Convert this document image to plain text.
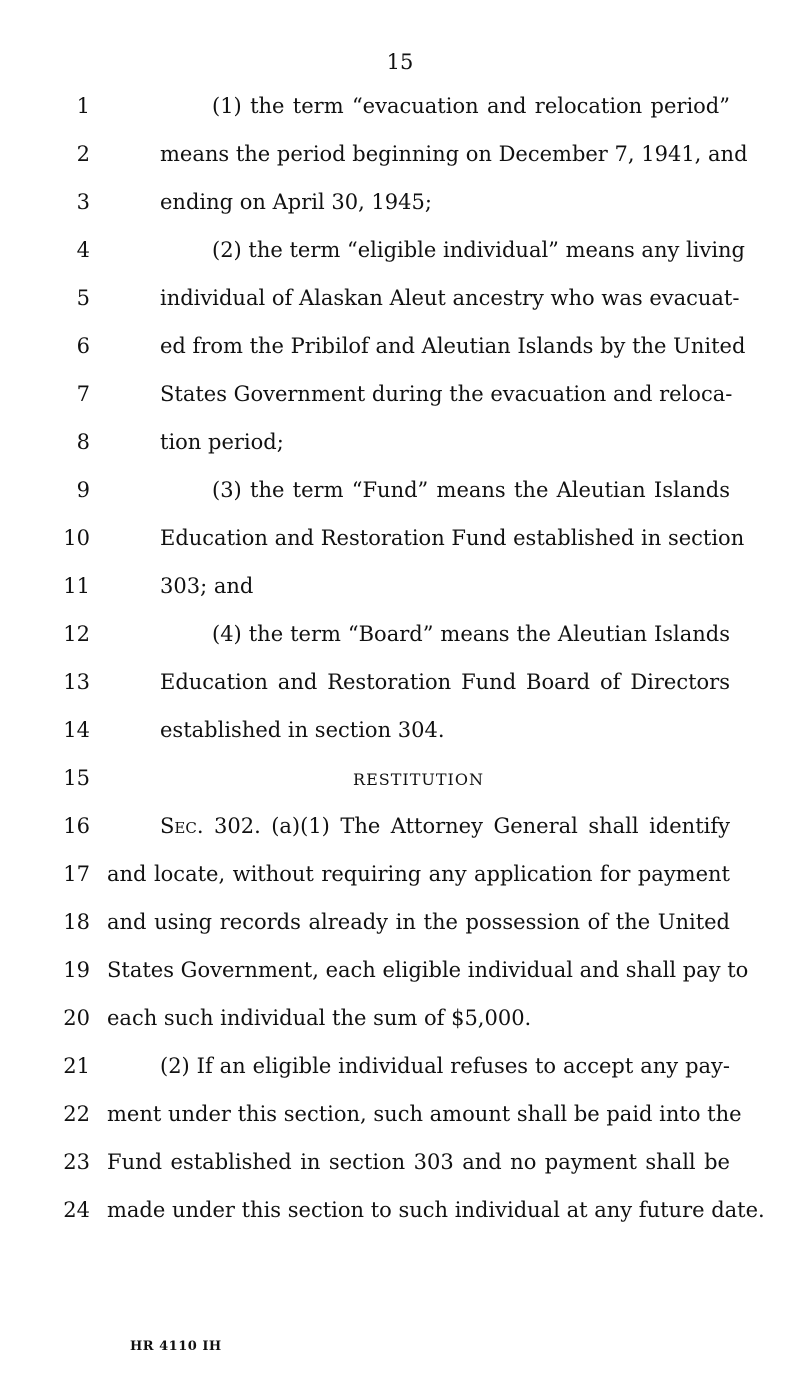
15
1	(1) the term “evacuation and relocation period”
2	means the period beginning on December 7, 1941, and
3	ending on April 30, 1945;
4	(2) the term “eligible individual” means any living
5	individual of Alaskan Aleut ancestry who was evacuat-
6	ed from the Pribilof and Aleutian Islands by the United
7	States Government during the evacuation and reloca-
8	tion period;
9	(3) the term “Fund” means the Aleutian Islands
10	Education and Restoration Fund established in section
11	303; and
12	(4) the term “Board” means the Aleutian Islands
13	Education and Restoration Fund Board of Directors
14	established in section 304.
15	RESTITUTION
16	Sec. 302. (a)(1) The Attorney General shall identify
17 and locate, without requiring any application for payment
18 and using records already in the possession of the United
19 States Government, each eligible individual and shall pay to
20 each such individual the sum of $5,000.
21	(2) If an eligible individual refuses to accept any pay-
22 ment under this section, such amount shall be paid into the
23 Fund established in section 303 and no payment shall be
24 made under this section to such individual at any future date.
HR 4110 IH
